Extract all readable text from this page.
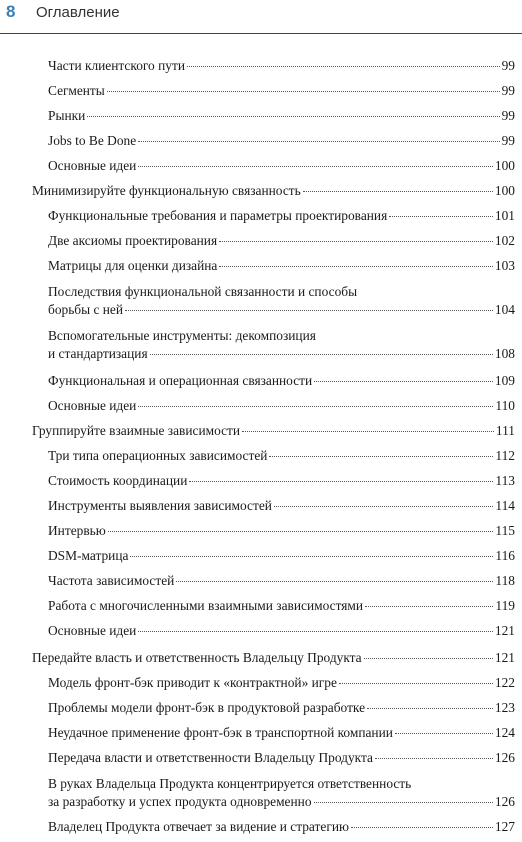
8 Оглавление
Части клиентского пути	99
Сегменты	99
Рынки	99
Jobs to Be Done	99
Основные идеи	100
Минимизируйте функциональную связанность	100
Функциональные требования и параметры проектирования	101
Две аксиомы проектирования	102
Матрицы для оценки дизайна	103
Последствия функциональной связанности и способы
борьбы с ней	104
Вспомогательные инструменты: декомпозиция
и стандартизация	108
Функциональная и операционная связанности	109
Основные идеи	110
Группируйте взаимные зависимости	111
Три типа операционных зависимостей	112
Стоимость координации	113
Инструменты выявления зависимостей	114
Интервью	115
DSM-матрица	116
Частота зависимостей	118
Работа с многочисленными взаимными зависимостями	119
Основные идеи	121
Передайте власть и ответственность Владельцу Продукта	121
Модель фронт-бэк приводит к «контрактной» игре	122
Проблемы модели фронт-бэк в продуктовой разработке	123
Неудачное применение фронт-бэк в транспортной компании	124
Передача власти и ответственности Владельцу Продукта	126
В руках Владельца Продукта концентрируется ответственность
за разработку и успех продукта одновременно	126
Владелец Продукта отвечает за видение и стратегию	127
